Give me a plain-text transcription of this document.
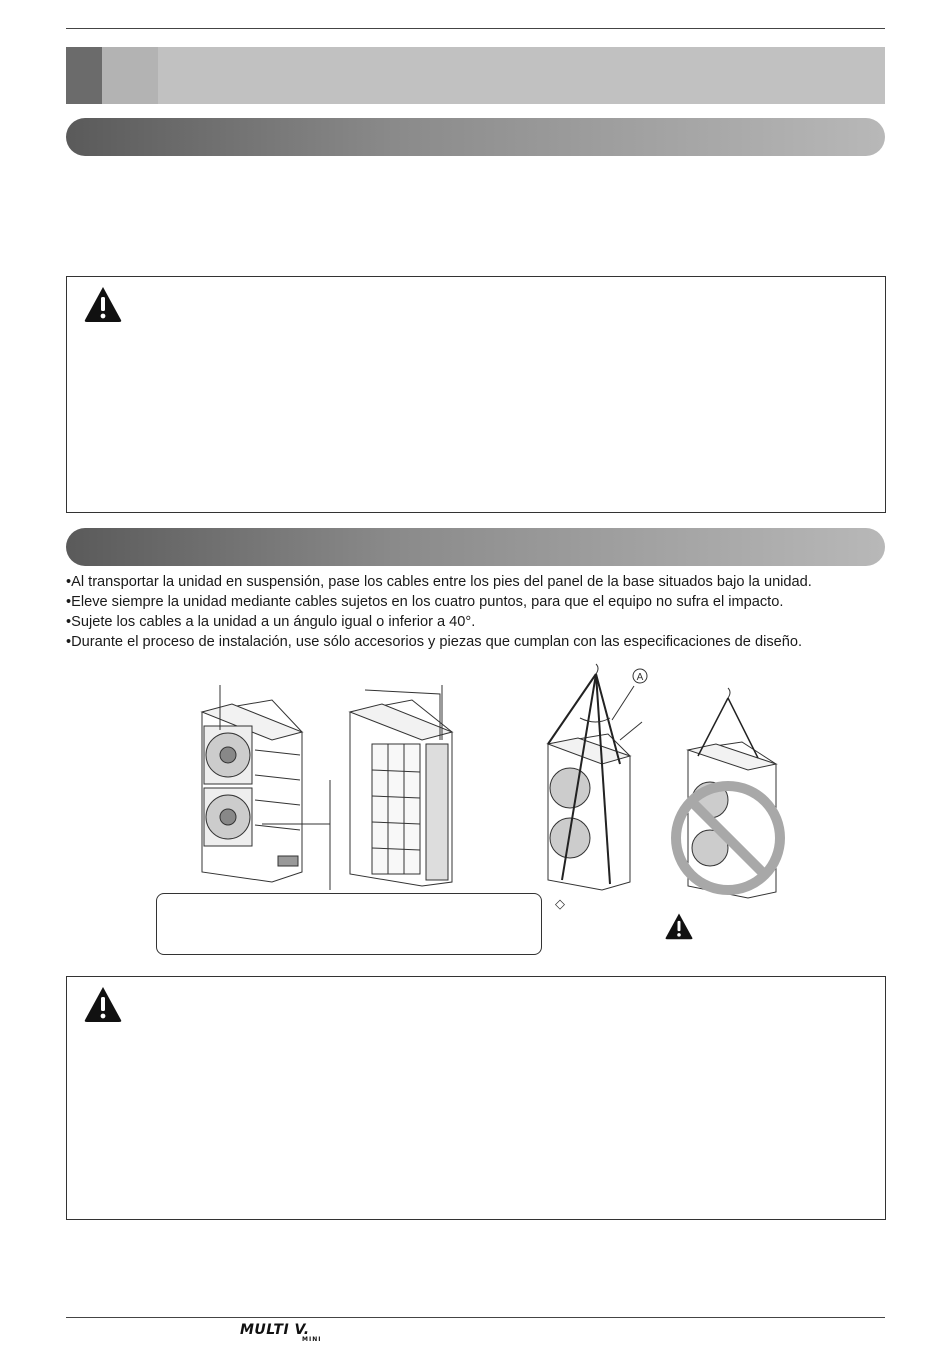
• Al transportar la unidad en suspensión, pase los cables entre los pies del panel de la base situados bajo la unidad.
• Eleve siempre la unidad mediante cables sujetos en los cuatro puntos, para que el equipo no sufra el impacto.
• Sujete los cables a la unidad a un ángulo igual o inferior a 40°.
• Durante el proceso de instalación, use sólo accesorios y piezas que cumplan con las especificaciones de diseño.
A
◇
MULTI V.
MINI
